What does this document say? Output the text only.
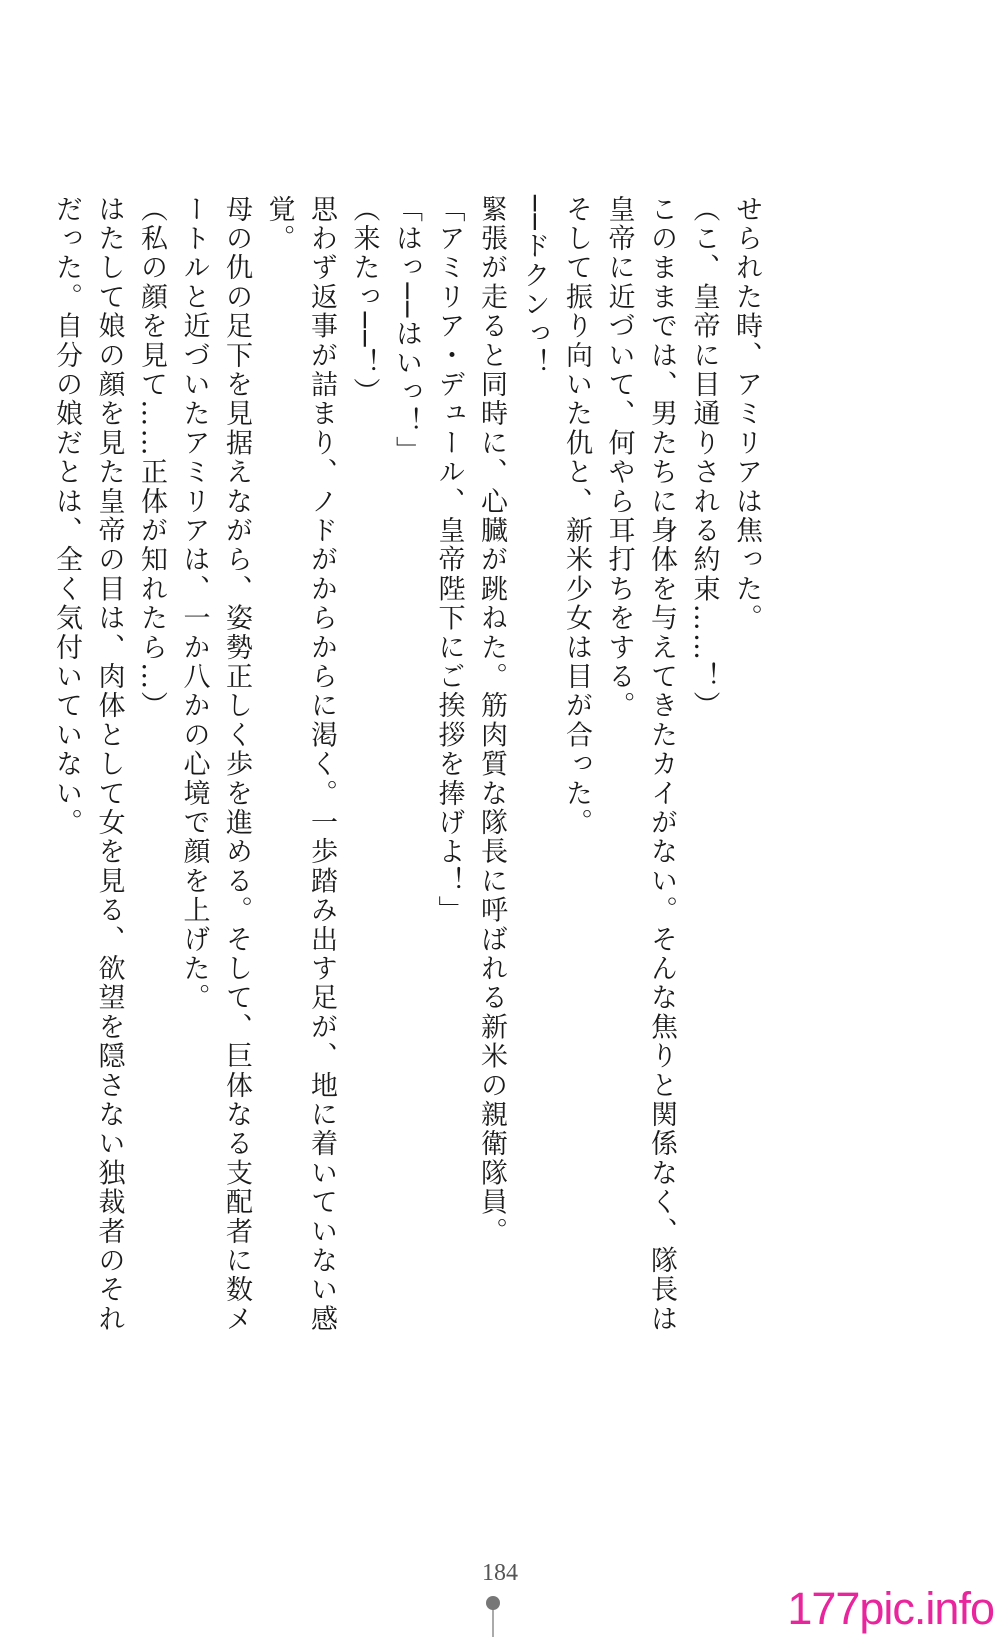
せられた時、アミリアは焦った。
（こ、皇帝に目通りされる約束……！）
このままでは、男たちに身体を与えてきたカイがない。そんな焦りと関係なく、隊長は
皇帝に近づいて、何やら耳打ちをする。
そして振り向いた仇と、新米少女は目が合った。
──ドクンっ！
緊張が走ると同時に、心臓が跳ねた。筋肉質な隊長に呼ばれる新米の親衛隊員。
「アミリア・デュール、皇帝陛下にご挨拶を捧げよ！」
「はっ──はいっ！」
（来たっ──！）
思わず返事が詰まり、ノドがからからに渇く。一歩踏み出す足が、地に着いていない感
覚。
母の仇の足下を見据えながら、姿勢正しく歩を進める。そして、巨体なる支配者に数メ
ートルと近づいたアミリアは、一か八かの心境で顔を上げた。
（私の顔を見て……正体が知れたら…）
はたして娘の顔を見た皇帝の目は、肉体として女を見る、欲望を隠さない独裁者のそれ
だった。自分の娘だとは、全く気付いていない。
184
177pic.info
